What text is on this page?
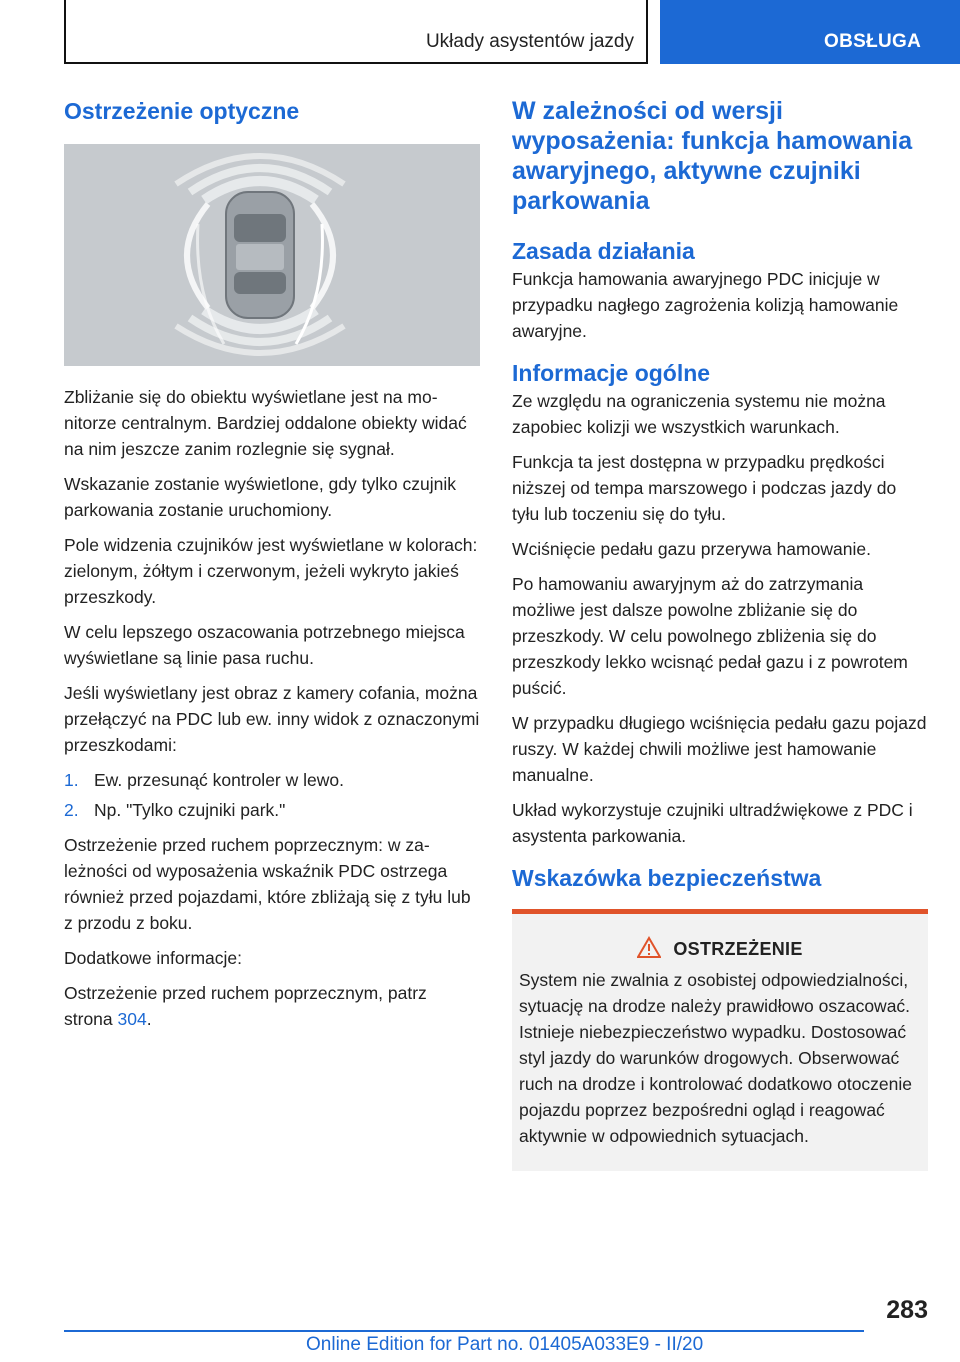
Układy asystentów jazdy	OBSŁUGA
Ostrzeżenie optyczne

Zbliżanie się do obiektu wyświetlane jest na monitorze centralnym. Bardziej oddalone obiekty widać na nim jeszcze zanim rozlegnie się sygnał.

Wskazanie zostanie wyświetlone, gdy tylko czujnik parkowania zostanie uruchomiony.

Pole widzenia czujników jest wyświetlane w kolorach: zielonym, żółtym i czerwonym, jeżeli wykryto jakieś przeszkody.

W celu lepszego oszacowania potrzebnego miejsca wyświetlane są linie pasa ruchu.

Jeśli wyświetlany jest obraz z kamery cofania, można przełączyć na PDC lub ew. inny widok z oznaczonymi przeszkodami:

1. Ew. przesunąć kontroler w lewo.
2. Np. "Tylko czujniki park."

Ostrzeżenie przed ruchem poprzecznym: w zależności od wyposażenia wskaźnik PDC ostrzega również przed pojazdami, które zbliżają się z tyłu lub z przodu z boku.

Dodatkowe informacje:

Ostrzeżenie przed ruchem poprzecznym, patrz strona 304.

W zależności od wersji wyposażenia: funkcja hamowania awaryjnego, aktywne czujniki parkowania
Zasada działania

Funkcja hamowania awaryjnego PDC inicjuje w przypadku nagłego zagrożenia kolizją hamowanie awaryjne.

Informacje ogólne

Ze względu na ograniczenia systemu nie można zapobiec kolizji we wszystkich warunkach.

Funkcja ta jest dostępna w przypadku prędkości niższej od tempa marszowego i podczas jazdy do tyłu lub toczeniu się do tyłu.

Wciśnięcie pedału gazu przerywa hamowanie.

Po hamowaniu awaryjnym aż do zatrzymania możliwe jest dalsze powolne zbliżanie się do przeszkody. W celu powolnego zbliżenia się do przeszkody lekko wcisnąć pedał gazu i z powrotem puścić.

W przypadku długiego wciśnięcia pedału gazu pojazd ruszy. W każdej chwili możliwe jest hamowanie manualne.

Układ wykorzystuje czujniki ultradźwiękowe z PDC i asystenta parkowania.

Wskazówka bezpieczeństwa
OSTRZEŻENIE

System nie zwalnia z osobistej odpowiedzialności, sytuację na drodze należy prawidłowo oszacować. Istnieje niebezpieczeństwo wypadku. Dostosować styl jazdy do warunków drogowych. Obserwować ruch na drodze i kontrolować dodatkowo otoczenie pojazdu poprzez bezpośredni ogląd i reagować aktywnie w odpowiednich sytuacjach.

283
Online Edition for Part no. 01405A033E9 - II/20
